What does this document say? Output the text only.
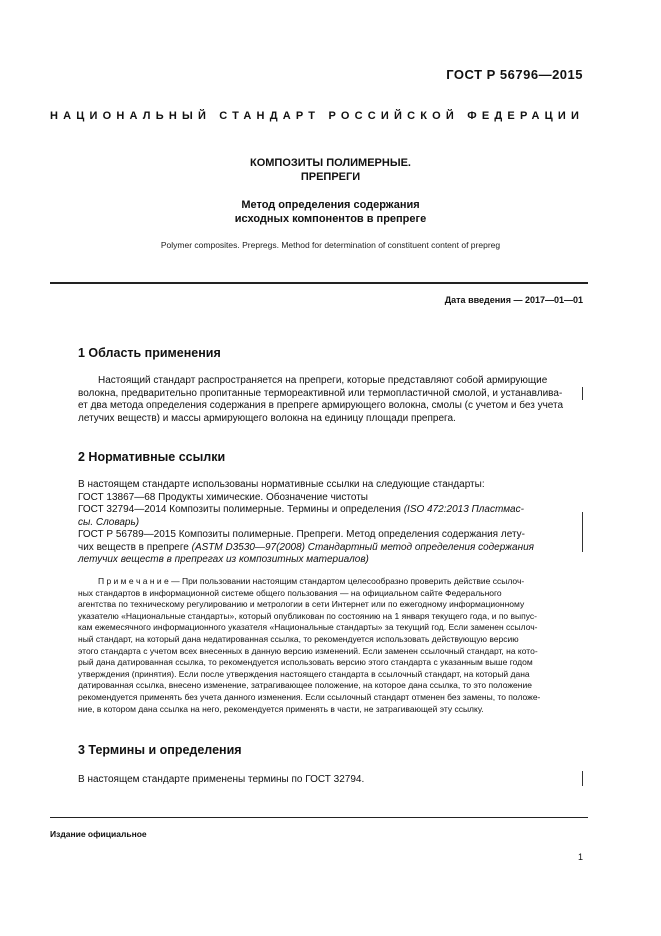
ГОСТ Р 56796—2015
НАЦИОНАЛЬНЫЙ СТАНДАРТ РОССИЙСКОЙ ФЕДЕРАЦИИ
КОМПОЗИТЫ ПОЛИМЕРНЫЕ.
ПРЕПРЕГИ
Метод определения содержания
исходных компонентов в препреге
Polymer composites. Prepregs. Method for determination of constituent content of prepreg
Дата введения — 2017—01—01
1 Область применения
Настоящий стандарт распространяется на препреги, которые представляют собой армирующие
волокна, предварительно пропитанные термореактивной или термопластичной смолой, и устанавлива-
ет два метода определения содержания в препреге армирующего волокна, смолы (с учетом и без учета
летучих веществ) и массы армирующего волокна на единицу площади препрега.
2 Нормативные ссылки
В настоящем стандарте использованы нормативные ссылки на следующие стандарты:
ГОСТ 13867—68 Продукты химические. Обозначение чистоты
ГОСТ 32794—2014 Композиты полимерные. Термины и определения (ISO 472:2013 Пластмас-
сы. Словарь)
ГОСТ Р 56789—2015 Композиты полимерные. Препреги. Метод определения содержания лету-
чих веществ в препреге (ASTM D3530—97(2008) Стандартный метод определения содержания
летучих веществ в препрегах из композитных материалов)
П р и м е ч а н и е — При пользовании настоящим стандартом целесообразно проверить действие ссылоч-
ных стандартов в информационной системе общего пользования — на официальном сайте Федерального
агентства по техническому регулированию и метрологии в сети Интернет или по ежегодному информационному
указателю «Национальные стандарты», который опубликован по состоянию на 1 января текущего года, и по выпус-
кам ежемесячного информационного указателя «Национальные стандарты» за текущий год. Если заменен ссылоч-
ный стандарт, на который дана недатированная ссылка, то рекомендуется использовать действующую версию
этого стандарта с учетом всех внесенных в данную версию изменений. Если заменен ссылочный стандарт, на кото-
рый дана датированная ссылка, то рекомендуется использовать версию этого стандарта с указанным выше годом
утверждения (принятия). Если после утверждения настоящего стандарта в ссылочный стандарт, на который дана
датированная ссылка, внесено изменение, затрагивающее положение, на которое дана ссылка, то это положение
рекомендуется применять без учета данного изменения. Если ссылочный стандарт отменен без замены, то положе-
ние, в котором дана ссылка на него, рекомендуется применять в части, не затрагивающей эту ссылку.
3 Термины и определения
В настоящем стандарте применены термины по ГОСТ 32794.
Издание официальное
1
